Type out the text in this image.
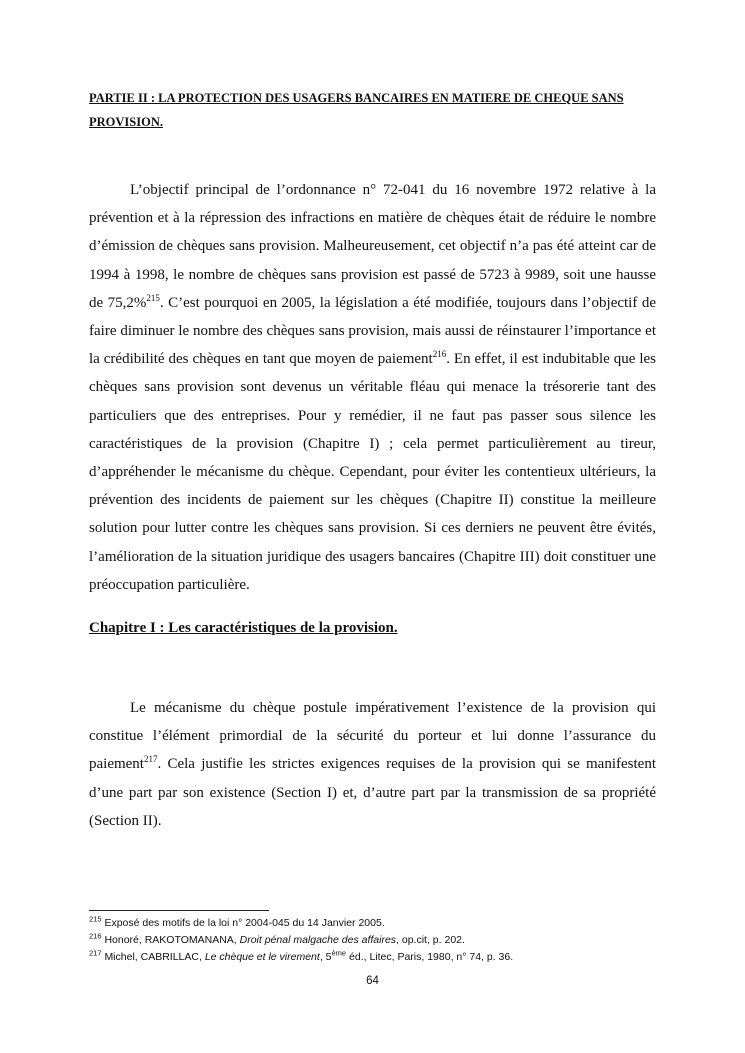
PARTIE II : LA PROTECTION DES USAGERS BANCAIRES EN MATIERE DE CHEQUE SANS
PROVISION.
L’objectif principal de l’ordonnance n° 72-041 du 16 novembre 1972 relative à la prévention et à la répression des infractions en matière de chèques était de réduire le nombre d’émission de chèques sans provision. Malheureusement, cet objectif n’a pas été atteint car de 1994 à 1998, le nombre de chèques sans provision est passé de 5723 à 9989, soit une hausse de 75,2%$^{215}$. C’est pourquoi en 2005, la législation a été modifiée, toujours dans l’objectif de faire diminuer le nombre des chèques sans provision, mais aussi de réinstaurer l’importance et la crédibilité des chèques en tant que moyen de paiement$^{216}$. En effet, il est indubitable que les chèques sans provision sont devenus un véritable fléau qui menace la trésorerie tant des particuliers que des entreprises. Pour y remédier, il ne faut pas passer sous silence les caractéristiques de la provision (Chapitre I) ; cela permet particulièrement au tireur, d’appréhender le mécanisme du chèque. Cependant, pour éviter les contentieux ultérieurs, la prévention des incidents de paiement sur les chèques (Chapitre II) constitue la meilleure solution pour lutter contre les chèques sans provision. Si ces derniers ne peuvent être évités, l’amélioration de la situation juridique des usagers bancaires (Chapitre III) doit constituer une préoccupation particulière.
Chapitre I : Les caractéristiques de la provision.
Le mécanisme du chèque postule impérativement l’existence de la provision qui constitue l’élément primordial de la sécurité du porteur et lui donne l’assurance du paiement$^{217}$. Cela justifie les strictes exigences requises de la provision qui se manifestent d’une part par son existence (Section I) et, d’autre part par la transmission de sa propriété (Section II).
$^{215}$ Exposé des motifs de la loi n° 2004-045 du 14 Janvier 2005.
$^{216}$ Honoré, RAKOTOMANANA, Droit pénal malgache des affaires, op.cit, p. 202.
$^{217}$ Michel, CABRILLAC, Le chèque et le virement, 5ème éd., Litec, Paris, 1980, n° 74, p. 36.
64
